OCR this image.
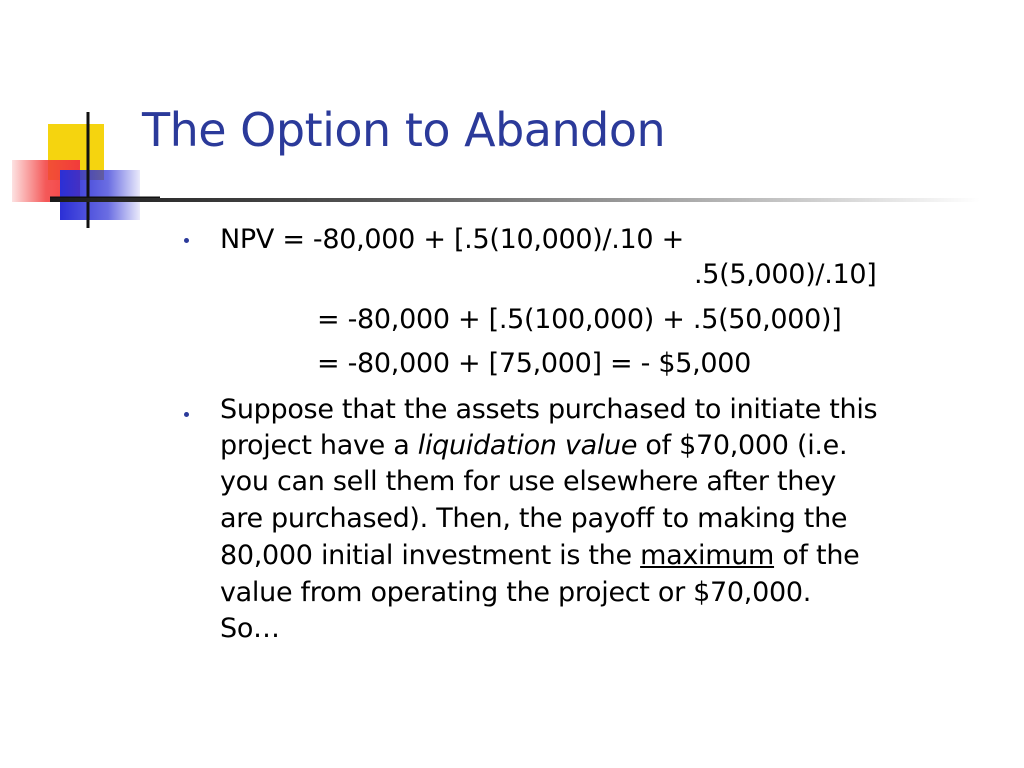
The Option to Abandon

NPV = -80,000 + [.5(10,000)/.10 +

.5(5,000)/.10]

= -80,000 + [.5(100,000) + .5(50,000)]

= -80,000 + [75,000] = - $5,000

Suppose that the assets purchased to initiate this

project have a liquidation value of $70,000 (i.e.

you can sell them for use elsewhere after they

are purchased). Then, the payoff to making the

80,000 initial investment is the maximum of the

value from operating the project or $70,000.

So…
